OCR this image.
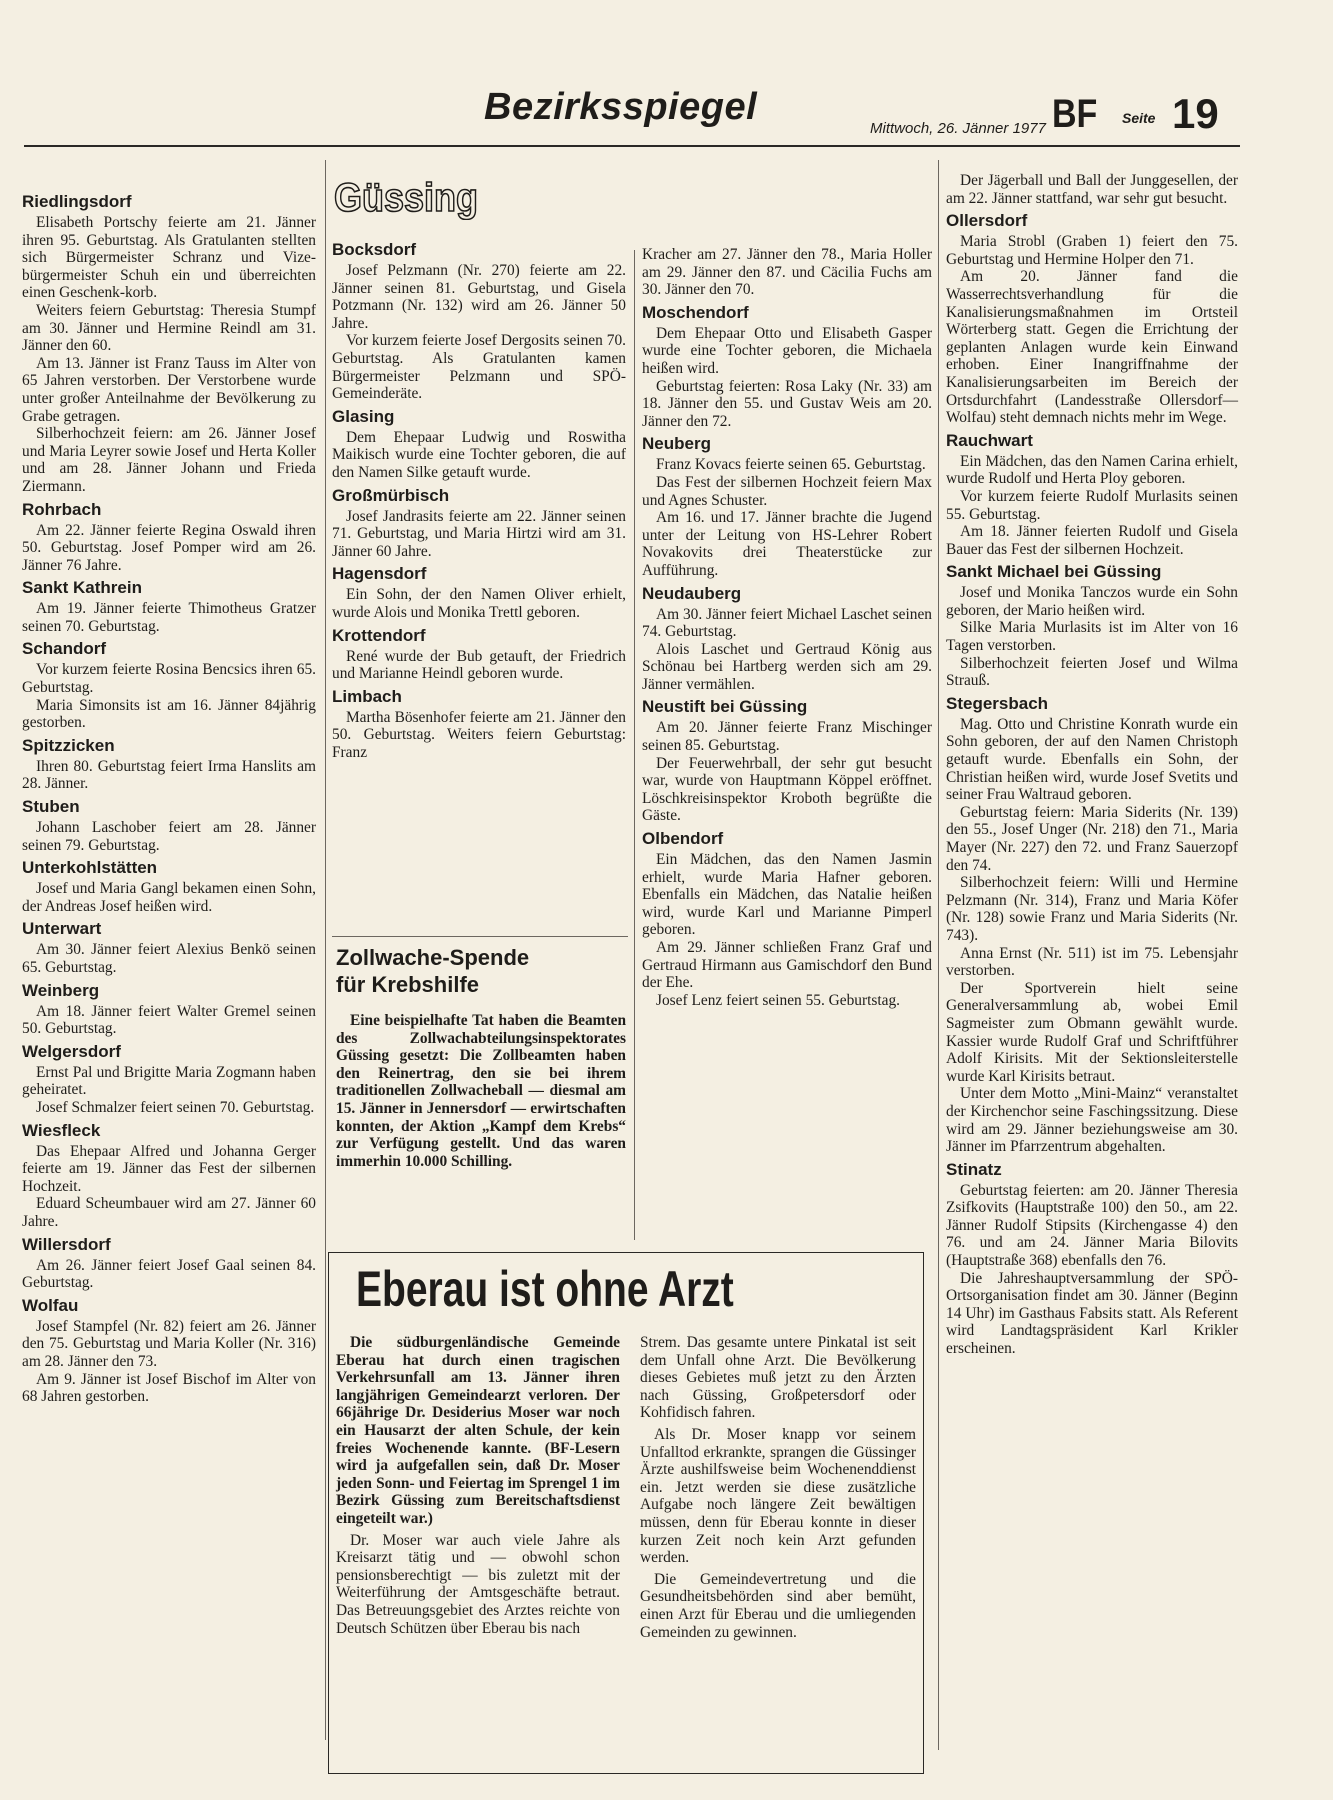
Bezirksspiegel
Mittwoch, 26. Jänner 1977 BF Seite 19
Güssing
Riedlingsdorf

Elisabeth Portschy feierte am 21. Jänner ihren 95. Geburtstag. Als Gratulanten stellten sich Bürgermeister Schranz und Vize-bürgermeister Schuh ein und überreichten einen Geschenk-korb.

Weiters feiern Geburtstag: Theresia Stumpf am 30. Jänner und Hermine Reindl am 31. Jänner den 60.

Am 13. Jänner ist Franz Tauss im Alter von 65 Jahren verstorben. Der Verstorbene wurde unter großer Anteilnahme der Bevölkerung zu Grabe getragen.

Silberhochzeit feiern: am 26. Jänner Josef und Maria Leyrer sowie Josef und Herta Koller und am 28. Jänner Johann und Frieda Ziermann.

Rohrbach

Am 22. Jänner feierte Regina Oswald ihren 50. Geburtstag. Josef Pomper wird am 26. Jänner 76 Jahre.

Sankt Kathrein

Am 19. Jänner feierte Thimotheus Gratzer seinen 70. Geburtstag.

Schandorf

Vor kurzem feierte Rosina Bencsics ihren 65. Geburtstag.

Maria Simonsits ist am 16. Jänner 84jährig gestorben.

Spitzzicken

Ihren 80. Geburtstag feiert Irma Hanslits am 28. Jänner.

Stuben

Johann Laschober feiert am 28. Jänner seinen 79. Geburtstag.

Unterkohlstätten

Josef und Maria Gangl bekamen einen Sohn, der Andreas Josef heißen wird.

Unterwart

Am 30. Jänner feiert Alexius Benkö seinen 65. Geburtstag.

Weinberg

Am 18. Jänner feiert Walter Gremel seinen 50. Geburtstag.

Welgersdorf

Ernst Pal und Brigitte Maria Zogmann haben geheiratet.

Josef Schmalzer feiert seinen 70. Geburtstag.

Wiesfleck

Das Ehepaar Alfred und Johanna Gerger feierte am 19. Jänner das Fest der silbernen Hochzeit.

Eduard Scheumbauer wird am 27. Jänner 60 Jahre.

Willersdorf

Am 26. Jänner feiert Josef Gaal seinen 84. Geburtstag.

Wolfau

Josef Stampfel (Nr. 82) feiert am 26. Jänner den 75. Geburtstag und Maria Koller (Nr. 316) am 28. Jänner den 73.

Am 9. Jänner ist Josef Bischof im Alter von 68 Jahren gestorben.

Bocksdorf

Josef Pelzmann (Nr. 270) feierte am 22. Jänner seinen 81. Geburtstag, und Gisela Potzmann (Nr. 132) wird am 26. Jänner 50 Jahre.

Vor kurzem feierte Josef Dergosits seinen 70. Geburtstag. Als Gratulanten kamen Bürgermeister Pelzmann und SPÖ-Gemeinderäte.

Glasing

Dem Ehepaar Ludwig und Roswitha Maikisch wurde eine Tochter geboren, die auf den Namen Silke getauft wurde.

Großmürbisch

Josef Jandrasits feierte am 22. Jänner seinen 71. Geburtstag, und Maria Hirtzi wird am 31. Jänner 60 Jahre.

Hagensdorf

Ein Sohn, der den Namen Oliver erhielt, wurde Alois und Monika Trettl geboren.

Krottendorf

René wurde der Bub getauft, der Friedrich und Marianne Heindl geboren wurde.

Limbach

Martha Bösenhofer feierte am 21. Jänner den 50. Geburtstag. Weiters feiern Geburtstag: Franz

Kracher am 27. Jänner den 78., Maria Holler am 29. Jänner den 87. und Cäcilia Fuchs am 30. Jänner den 70.

Moschendorf

Dem Ehepaar Otto und Elisabeth Gasper wurde eine Tochter geboren, die Michaela heißen wird.

Geburtstag feierten: Rosa Laky (Nr. 33) am 18. Jänner den 55. und Gustav Weis am 20. Jänner den 72.

Neuberg

Franz Kovacs feierte seinen 65. Geburtstag.

Das Fest der silbernen Hochzeit feiern Max und Agnes Schuster.

Am 16. und 17. Jänner brachte die Jugend unter der Leitung von HS-Lehrer Robert Novakovits drei Theaterstücke zur Aufführung.

Neudauberg

Am 30. Jänner feiert Michael Laschet seinen 74. Geburtstag.

Alois Laschet und Gertraud König aus Schönau bei Hartberg werden sich am 29. Jänner vermählen.

Neustift bei Güssing

Am 20. Jänner feierte Franz Mischinger seinen 85. Geburtstag.

Der Feuerwehrball, der sehr gut besucht war, wurde von Hauptmann Köppel eröffnet. Löschkreisinspektor Kroboth begrüßte die Gäste.

Olbendorf

Ein Mädchen, das den Namen Jasmin erhielt, wurde Maria Hafner geboren. Ebenfalls ein Mädchen, das Natalie heißen wird, wurde Karl und Marianne Pimperl geboren.

Am 29. Jänner schließen Franz Graf und Gertraud Hirmann aus Gamischdorf den Bund der Ehe.

Josef Lenz feiert seinen 55. Geburtstag.

Der Jägerball und Ball der Junggesellen, der am 22. Jänner stattfand, war sehr gut besucht.

Ollersdorf

Maria Strobl (Graben 1) feiert den 75. Geburtstag und Hermine Holper den 71.

Am 20. Jänner fand die Wasserrechtsverhandlung für die Kanalisierungsmaßnahmen im Ortsteil Wörterberg statt. Gegen die Errichtung der geplanten Anlagen wurde kein Einwand erhoben. Einer Inangriffnahme der Kanalisierungsarbeiten im Bereich der Ortsdurchfahrt (Landesstraße Ollersdorf—Wolfau) steht demnach nichts mehr im Wege.

Rauchwart

Ein Mädchen, das den Namen Carina erhielt, wurde Rudolf und Herta Ploy geboren.

Vor kurzem feierte Rudolf Murlasits seinen 55. Geburtstag.

Am 18. Jänner feierten Rudolf und Gisela Bauer das Fest der silbernen Hochzeit.

Sankt Michael bei Güssing

Josef und Monika Tanczos wurde ein Sohn geboren, der Mario heißen wird.

Silke Maria Murlasits ist im Alter von 16 Tagen verstorben.

Silberhochzeit feierten Josef und Wilma Strauß.

Stegersbach

Mag. Otto und Christine Konrath wurde ein Sohn geboren, der auf den Namen Christoph getauft wurde. Ebenfalls ein Sohn, der Christian heißen wird, wurde Josef Svetits und seiner Frau Waltraud geboren.

Geburtstag feiern: Maria Siderits (Nr. 139) den 55., Josef Unger (Nr. 218) den 71., Maria Mayer (Nr. 227) den 72. und Franz Sauerzopf den 74.

Silberhochzeit feiern: Willi und Hermine Pelzmann (Nr. 314), Franz und Maria Köfer (Nr. 128) sowie Franz und Maria Siderits (Nr. 743).

Anna Ernst (Nr. 511) ist im 75. Lebensjahr verstorben.

Der Sportverein hielt seine Generalversammlung ab, wobei Emil Sagmeister zum Obmann gewählt wurde. Kassier wurde Rudolf Graf und Schriftführer Adolf Kirisits. Mit der Sektionsleiterstelle wurde Karl Kirisits betraut.

Unter dem Motto „Mini-Mainz“ veranstaltet der Kirchenchor seine Faschingssitzung. Diese wird am 29. Jänner beziehungsweise am 30. Jänner im Pfarrzentrum abgehalten.

Stinatz

Geburtstag feierten: am 20. Jänner Theresia Zsifkovits (Hauptstraße 100) den 50., am 22. Jänner Rudolf Stipsits (Kirchengasse 4) den 76. und am 24. Jänner Maria Bilovits (Hauptstraße 368) ebenfalls den 76.

Die Jahreshauptversammlung der SPÖ-Ortsorganisation findet am 30. Jänner (Beginn 14 Uhr) im Gasthaus Fabsits statt. Als Referent wird Landtagspräsident Karl Krikler erscheinen.

Zollwache-Spende
für Krebshilfe

Eine beispielhafte Tat haben die Beamten des Zollwachabteilungsinspektorates Güssing gesetzt: Die Zollbeamten haben den Reinertrag, den sie bei ihrem traditionellen Zollwacheball — diesmal am 15. Jänner in Jennersdorf — erwirtschaften konnten, der Aktion „Kampf dem Krebs“ zur Verfügung gestellt. Und das waren immerhin 10.000 Schilling.

Eberau ist ohne Arzt

Die südburgenländische Gemeinde Eberau hat durch einen tragischen Verkehrsunfall am 13. Jänner ihren langjährigen Gemeindearzt verloren. Der 66jährige Dr. Desiderius Moser war noch ein Hausarzt der alten Schule, der kein freies Wochenende kannte. (BF-Lesern wird ja aufgefallen sein, daß Dr. Moser jeden Sonn- und Feiertag im Sprengel 1 im Bezirk Güssing zum Bereitschaftsdienst eingeteilt war.)

Dr. Moser war auch viele Jahre als Kreisarzt tätig und — obwohl schon pensionsberechtigt — bis zuletzt mit der Weiterführung der Amtsgeschäfte betraut. Das Betreuungsgebiet des Arztes reichte von Deutsch Schützen über Eberau bis nach

Strem. Das gesamte untere Pinkatal ist seit dem Unfall ohne Arzt. Die Bevölkerung dieses Gebietes muß jetzt zu den Ärzten nach Güssing, Großpetersdorf oder Kohfidisch fahren.

Als Dr. Moser knapp vor seinem Unfalltod erkrankte, sprangen die Güssinger Ärzte aushilfsweise beim Wochenenddienst ein. Jetzt werden sie diese zusätzliche Aufgabe noch längere Zeit bewältigen müssen, denn für Eberau konnte in dieser kurzen Zeit noch kein Arzt gefunden werden.

Die Gemeindevertretung und die Gesundheitsbehörden sind aber bemüht, einen Arzt für Eberau und die umliegenden Gemeinden zu gewinnen.
